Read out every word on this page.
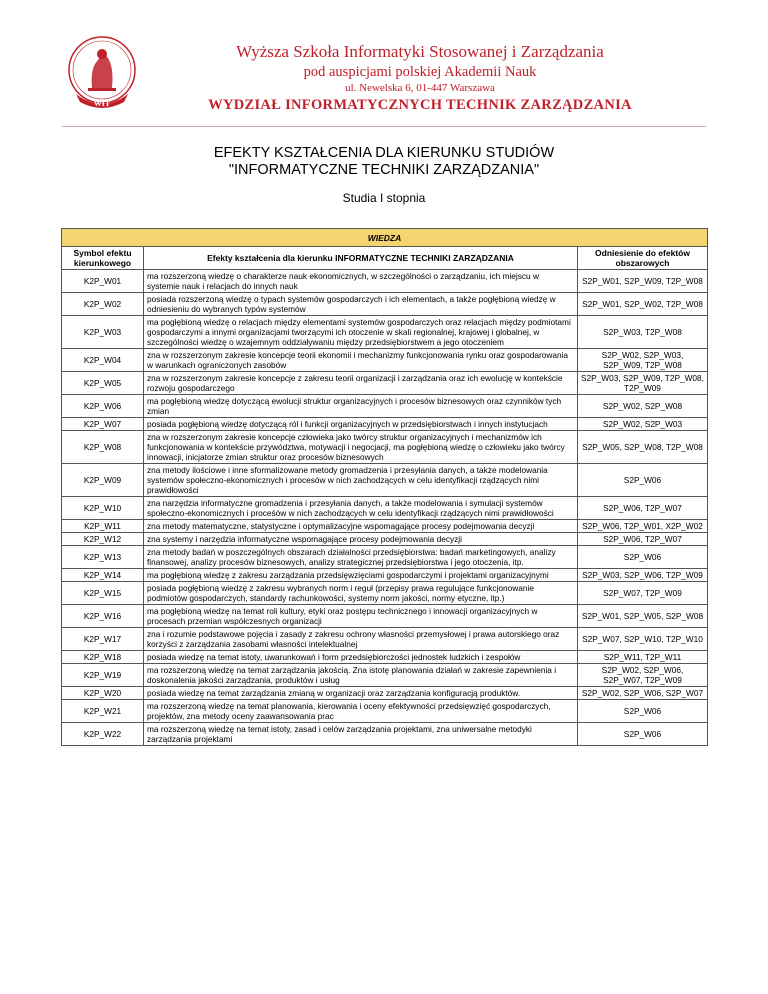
WIT
Wyższa Szkoła Informatyki Stosowanej i Zarządzania
pod auspicjami polskiej Akademii Nauk
ul. Newelska 6, 01-447 Warszawa
WYDZIAŁ INFORMATYCZNYCH TECHNIK ZARZĄDZANIA
EFEKTY KSZTAŁCENIA DLA KIERUNKU STUDIÓW
"INFORMATYCZNE TECHNIKI ZARZĄDZANIA"
Studia I stopnia
WIEDZA		
Symbol efektu kierunkowego	Efekty kształcenia dla kierunku INFORMATYCZNE TECHNIKI ZARZĄDZANIA	Odniesienie do efektów obszarowych
K2P_W01	ma rozszerzoną wiedzę o charakterze nauk ekonomicznych, w szczególności o zarządzaniu, ich miejscu w systemie nauk i relacjach do innych nauk	S2P_W01, S2P_W09, T2P_W08
K2P_W02	posiada rozszerzoną wiedzę o typach systemów gospodarczych i ich elementach, a także pogłębioną wiedzę w odniesieniu do wybranych typów systemów	S2P_W01, S2P_W02, T2P_W08
K2P_W03	ma pogłębioną wiedzę o relacjach między elementami systemów gospodarczych oraz relacjach między podmiotami gospodarczymi a innymi organizacjami tworzącymi ich otoczenie w skali regionalnej, krajowej i globalnej, w szczególności wiedzę o wzajemnym oddziaływaniu między przedsiębiorstwem a jego otoczeniem	S2P_W03, T2P_W08
K2P_W04	zna w rozszerzonym zakresie koncepcje teorii ekonomii i mechanizmy funkcjonowania rynku oraz gospodarowania w warunkach ograniczonych zasobów	S2P_W02, S2P_W03, S2P_W09, T2P_W08
K2P_W05	zna w rozszerzonym zakresie koncepcje z zakresu teorii organizacji i zarządzania oraz ich ewolucję w kontekście rozwoju gospodarczego	S2P_W03, S2P_W09, T2P_W08, T2P_W09
K2P_W06	ma pogłębioną wiedzę dotyczącą ewolucji struktur organizacyjnych i procesów biznesowych oraz czynników tych zmian	S2P_W02, S2P_W08
K2P_W07	posiada pogłębioną wiedzę dotyczącą ról i funkcji organizacyjnych w przedsiębiorstwach i innych instytucjach	S2P_W02, S2P_W03
K2P_W08	zna w rozszerzonym zakresie koncepcje człowieka jako twórcy struktur organizacyjnych i mechanizmów ich funkcjonowania w kontekście przywództwa, motywacji i negocjacji, ma pogłębioną wiedzę o człowieku jako twórcy innowacji, inicjatorze zmian struktur oraz procesów biznesowych	S2P_W05, S2P_W08, T2P_W08
K2P_W09	zna metody ilościowe i inne sformalizowane metody gromadzenia i przesyłania danych, a także modelowania systemów społeczno-ekonomicznych i procesów w nich zachodzących w celu identyfikacji rządzących nimi prawidłowości	S2P_W06
K2P_W10	zna narzędzia informatyczne gromadzenia i przesyłania danych, a także modelowania i symulacji systemów społeczno-ekonomicznych i proceśów w nich zachodzących w celu identyfikacji rządzących nimi prawidłowości	S2P_W06, T2P_W07
K2P_W11	zna metody matematyczne, statystyczne i optymalizacyjne wspomagające procesy podejmowania decyzji	S2P_W06, T2P_W01, X2P_W02
K2P_W12	zna systemy i narzędzia informatyczne wspomagające procesy podejmowania decyzji	S2P_W06, T2P_W07
K2P_W13	zna metody badań w poszczególnych obszarach działalności przedsiębiorstwa: badań marketingowych, analizy finansowej, analizy procesów biznesowych, analizy strategicznej przedsiębiorstwa i jego otoczenia, itp.	S2P_W06
K2P_W14	ma pogłębioną wiedzę z zakresu zarządzania przedsięwzięciami gospodarczymi i projektami organizacyjnymi	S2P_W03, S2P_W06, T2P_W09
K2P_W15	posiada pogłębioną wiedzę z zakresu wybranych norm i reguł (przepisy prawa regulujące funkcjonowanie podmiotów gospodarczych, standardy rachunkowości, systemy norm jakości, normy etyczne, itp.)	S2P_W07, T2P_W09
K2P_W16	ma pogłębioną wiedzę na temat roli kultury, etyki oraz postępu technicznego i innowacji organizacyjnych w procesach przemian współczesnych organizacji	S2P_W01, S2P_W05, S2P_W08
K2P_W17	zna i rozumie podstawowe pojęcia i zasady z zakresu ochrony własności przemysłowej i prawa autorskiego oraz korzyści z zarządzania zasobami własności intelektualnej	S2P_W07, S2P_W10, T2P_W10
K2P_W18	posiada wiedzę na temat istoty, uwarunkowań i form przedsiębiorczości jednostek ludzkich i zespołów	S2P_W11, T2P_W11
K2P_W19	ma rozszerzoną wiedzę na temat zarządzania jakością. Zna istotę planowania działań w zakresie zapewnienia i doskonalenia jakości zarządzania, produktów i usług	S2P_W02, S2P_W06, S2P_W07, T2P_W09
K2P_W20	posiada wiedzę na temat zarządzania zmianą w organizacji oraz zarządzania konfiguracją produktów.	S2P_W02, S2P_W06, S2P_W07
K2P_W21	ma rozszerzoną wiedzę na temat planowania, kierowania i oceny efektywności przedsięwzięć gospodarczych, projektów, zna metody oceny zaawansowania prac	S2P_W06
K2P_W22	ma rozszerzoną wiedzę na temat istoty, zasad i celów zarządzania projektami, zna uniwersalne metodyki zarządzania projektami	S2P_W06
